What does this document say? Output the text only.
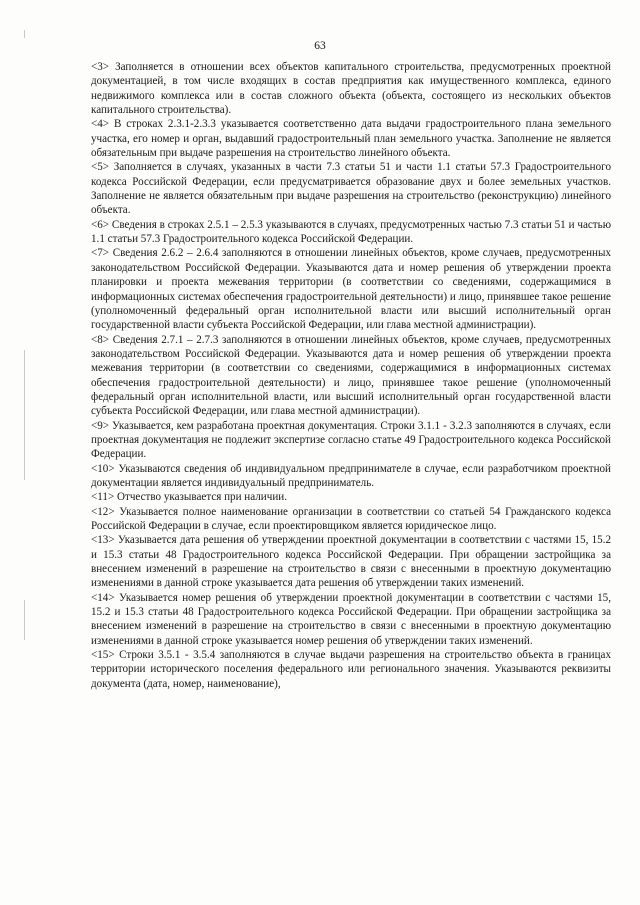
63

<3> Заполняется в отношении всех объектов капитального строительства, предусмотренных проектной документацией, в том числе входящих в состав предприятия как имущественного комплекса, единого недвижимого комплекса или в состав сложного объекта (объекта, состоящего из нескольких объектов капитального строительства).

<4> В строках 2.3.1-2.3.3 указывается соответственно дата выдачи градостроительного плана земельного участка, его номер и орган, выдавший градостроительный план земельного участка. Заполнение не является обязательным при выдаче разрешения на строительство линейного объекта.

<5> Заполняется в случаях, указанных в части 7.3 статьи 51 и части 1.1 статьи 57.3 Градостроительного кодекса Российской Федерации, если предусматривается образование двух и более земельных участков. Заполнение не является обязательным при выдаче разрешения на строительство (реконструкцию) линейного объекта.

<6> Сведения в строках 2.5.1 – 2.5.3 указываются в случаях, предусмотренных частью 7.3 статьи 51 и частью 1.1 статьи 57.3 Градостроительного кодекса Российской Федерации.

<7> Сведения 2.6.2 – 2.6.4 заполняются в отношении линейных объектов, кроме случаев, предусмотренных законодательством Российской Федерации. Указываются дата и номер решения об утверждении проекта планировки и проекта межевания территории (в соответствии со сведениями, содержащимися в информационных системах обеспечения градостроительной деятельности) и лицо, принявшее такое решение (уполномоченный федеральный орган исполнительной власти или высший исполнительный орган государственной власти субъекта Российской Федерации, или глава местной администрации).

<8> Сведения 2.7.1 – 2.7.3 заполняются в отношении линейных объектов, кроме случаев, предусмотренных законодательством Российской Федерации. Указываются дата и номер решения об утверждении проекта межевания территории (в соответствии со сведениями, содержащимися в информационных системах обеспечения градостроительной деятельности) и лицо, принявшее такое решение (уполномоченный федеральный орган исполнительной власти, или высший исполнительный орган государственной власти субъекта Российской Федерации, или глава местной администрации).

<9> Указывается, кем разработана проектная документация. Строки 3.1.1 - 3.2.3 заполняются в случаях, если проектная документация не подлежит экспертизе согласно статье 49 Градостроительного кодекса Российской Федерации.

<10> Указываются сведения об индивидуальном предпринимателе в случае, если разработчиком проектной документации является индивидуальный предприниматель.

<11> Отчество указывается при наличии.

<12> Указывается полное наименование организации в соответствии со статьей 54 Гражданского кодекса Российской Федерации в случае, если проектировщиком является юридическое лицо.

<13> Указывается дата решения об утверждении проектной документации в соответствии с частями 15, 15.2 и 15.3 статьи 48 Градостроительного кодекса Российской Федерации. При обращении застройщика за внесением изменений в разрешение на строительство в связи с внесенными в проектную документацию изменениями в данной строке указывается дата решения об утверждении таких изменений.

<14> Указывается номер решения об утверждении проектной документации в соответствии с частями 15, 15.2 и 15.3 статьи 48 Градостроительного кодекса Российской Федерации. При обращении застройщика за внесением изменений в разрешение на строительство в связи с внесенными в проектную документацию изменениями в данной строке указывается номер решения об утверждении таких изменений.

<15> Строки 3.5.1 - 3.5.4 заполняются в случае выдачи разрешения на строительство объекта в границах территории исторического поселения федерального или регионального значения. Указываются реквизиты документа (дата, номер, наименование),
